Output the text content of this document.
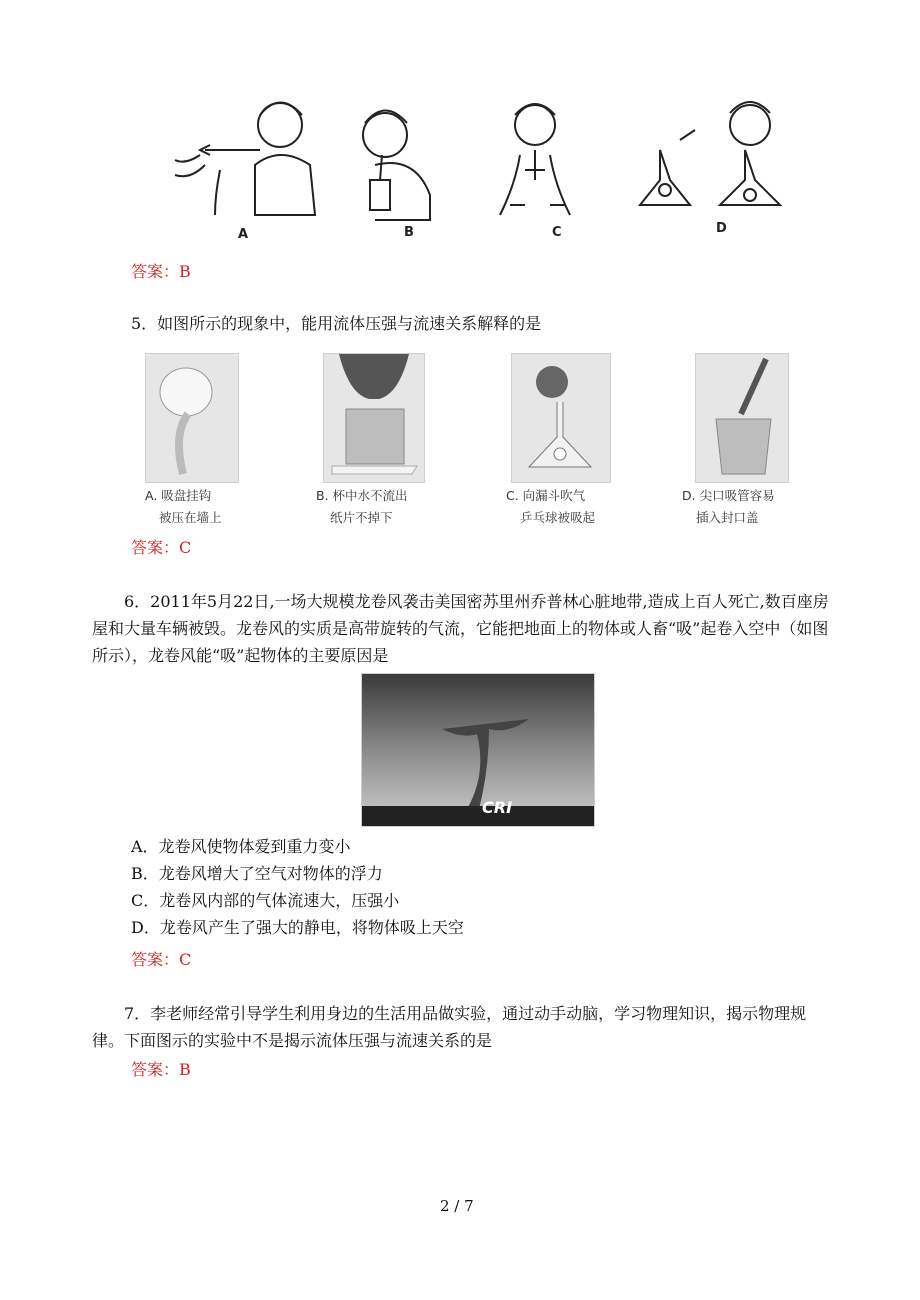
A	B	C	D
答案：B
5．如图所示的现象中，能用流体压强与流速关系解释的是
A. 吸盘挂钩
被压在墙上
B. 杯中水不流出
纸片不掉下
C. 向漏斗吹气
乒乓球被吸起
D. 尖口吸管容易
插入封口盖
答案：C
6．2011年5月22日,一场大规模龙卷风袭击美国密苏里州乔普林心脏地带,造成上百人死亡,数百座房屋和大量车辆被毁。龙卷风的实质是高带旋转的气流，它能把地面上的物体或人畜“吸”起卷入空中（如图所示），龙卷风能“吸”起物体的主要原因是
CRI
A．龙卷风使物体爱到重力变小
B．龙卷风增大了空气对物体的浮力
C．龙卷风内部的气体流速大，压强小
D．龙卷风产生了强大的静电，将物体吸上天空
答案：C
7．李老师经常引导学生利用身边的生活用品做实验，通过动手动脑，学习物理知识，揭示物理规律。下面图示的实验中不是揭示流体压强与流速关系的是
答案：B
2 / 7
